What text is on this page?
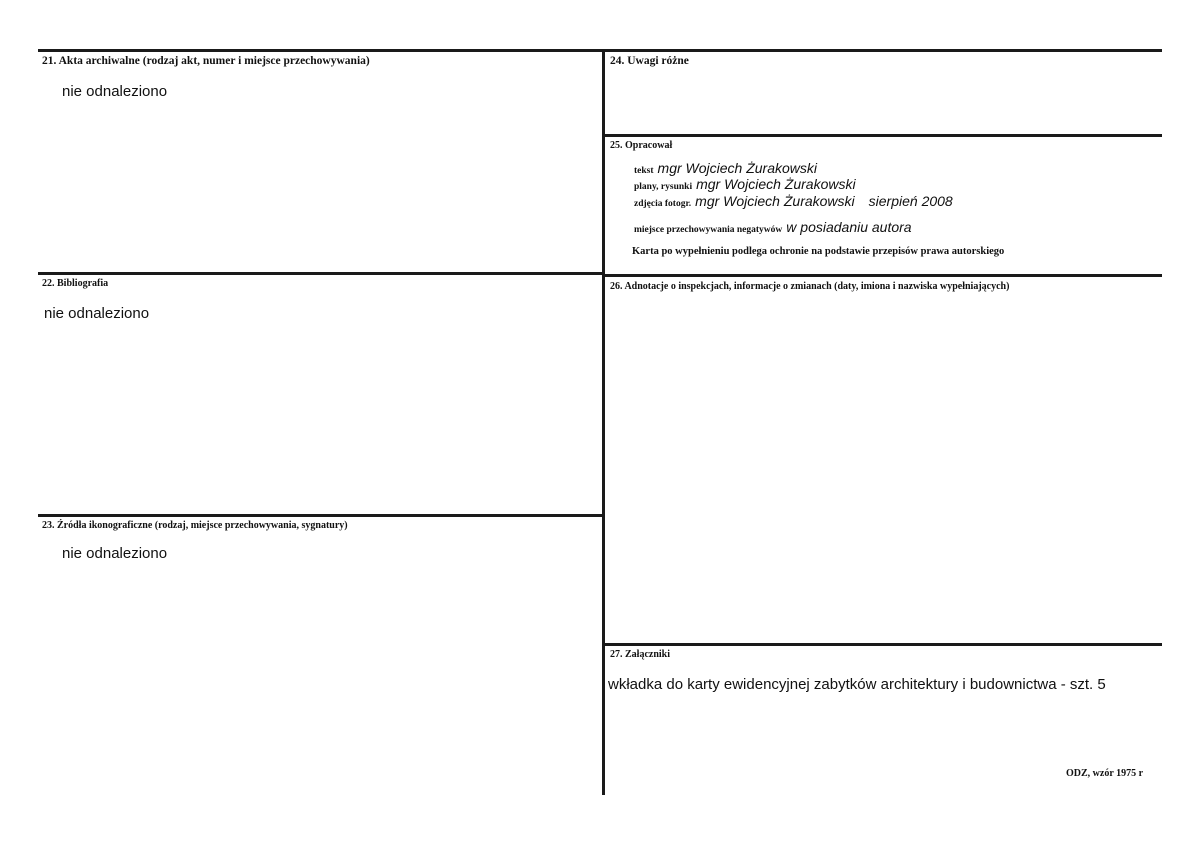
21. Akta archiwalne (rodzaj akt, numer i miejsce przechowywania)
nie odnaleziono
22. Bibliografia
nie odnaleziono
23. Źródła ikonograficzne (rodzaj, miejsce przechowywania, sygnatury)
nie odnaleziono
24. Uwagi różne
25. Opracował
tekst mgr Wojciech Żurakowski
plany, rysunki mgr Wojciech Żurakowski
zdjęcia fotogr. mgr Wojciech Żurakowski sierpień 2008
miejsce przechowywania negatywów w posiadaniu autora
Karta po wypełnieniu podlega ochronie na podstawie przepisów prawa autorskiego
26. Adnotacje o inspekcjach, informacje o zmianach (daty, imiona i nazwiska wypełniających)
27. Załączniki
wkładka do karty ewidencyjnej zabytków architektury i budownictwa - szt. 5
ODZ, wzór 1975 r
